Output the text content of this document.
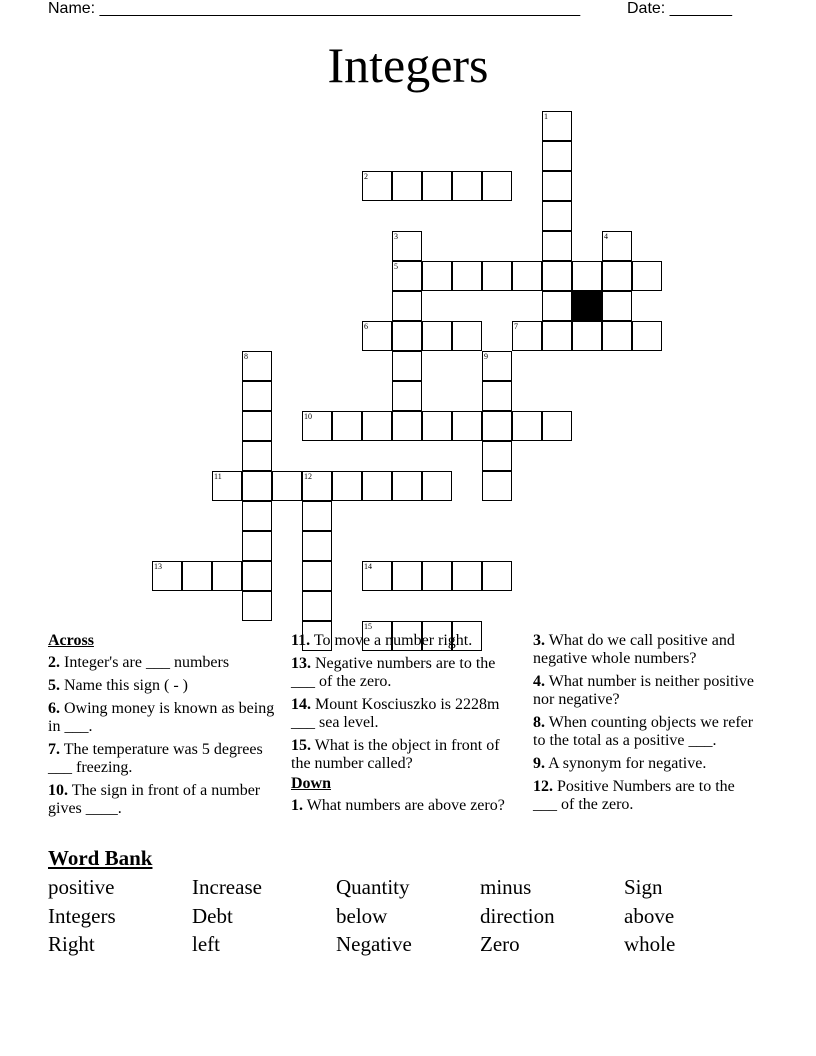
Name: ______________________________________________________	Date: _______
Integers
1
2
3	4
5
6	7
8	9
10
11	12
13	14
15
Across
2. Integer's are ___ numbers
5. Name this sign ( - )
6. Owing money is known as being in ___.
7. The temperature was 5 degrees ___ freezing.
10. The sign in front of a number gives ____.
11. To move a number right.
13. Negative numbers are to the ___ of the zero.
14. Mount Kosciuszko is 2228m ___ sea level.
15. What is the object in front of the number called?
Down
1. What numbers are above zero?
3. What do we call positive and negative whole numbers?
4. What number is neither positive nor negative?
8. When counting objects we refer to the total as a positive ___.
9. A synonym for negative.
12. Positive Numbers are to the ___ of the zero.
Word Bank
positive	Increase	Quantity	minus	Sign
Integers	Debt	below	direction	above
Right	left	Negative	Zero	whole
